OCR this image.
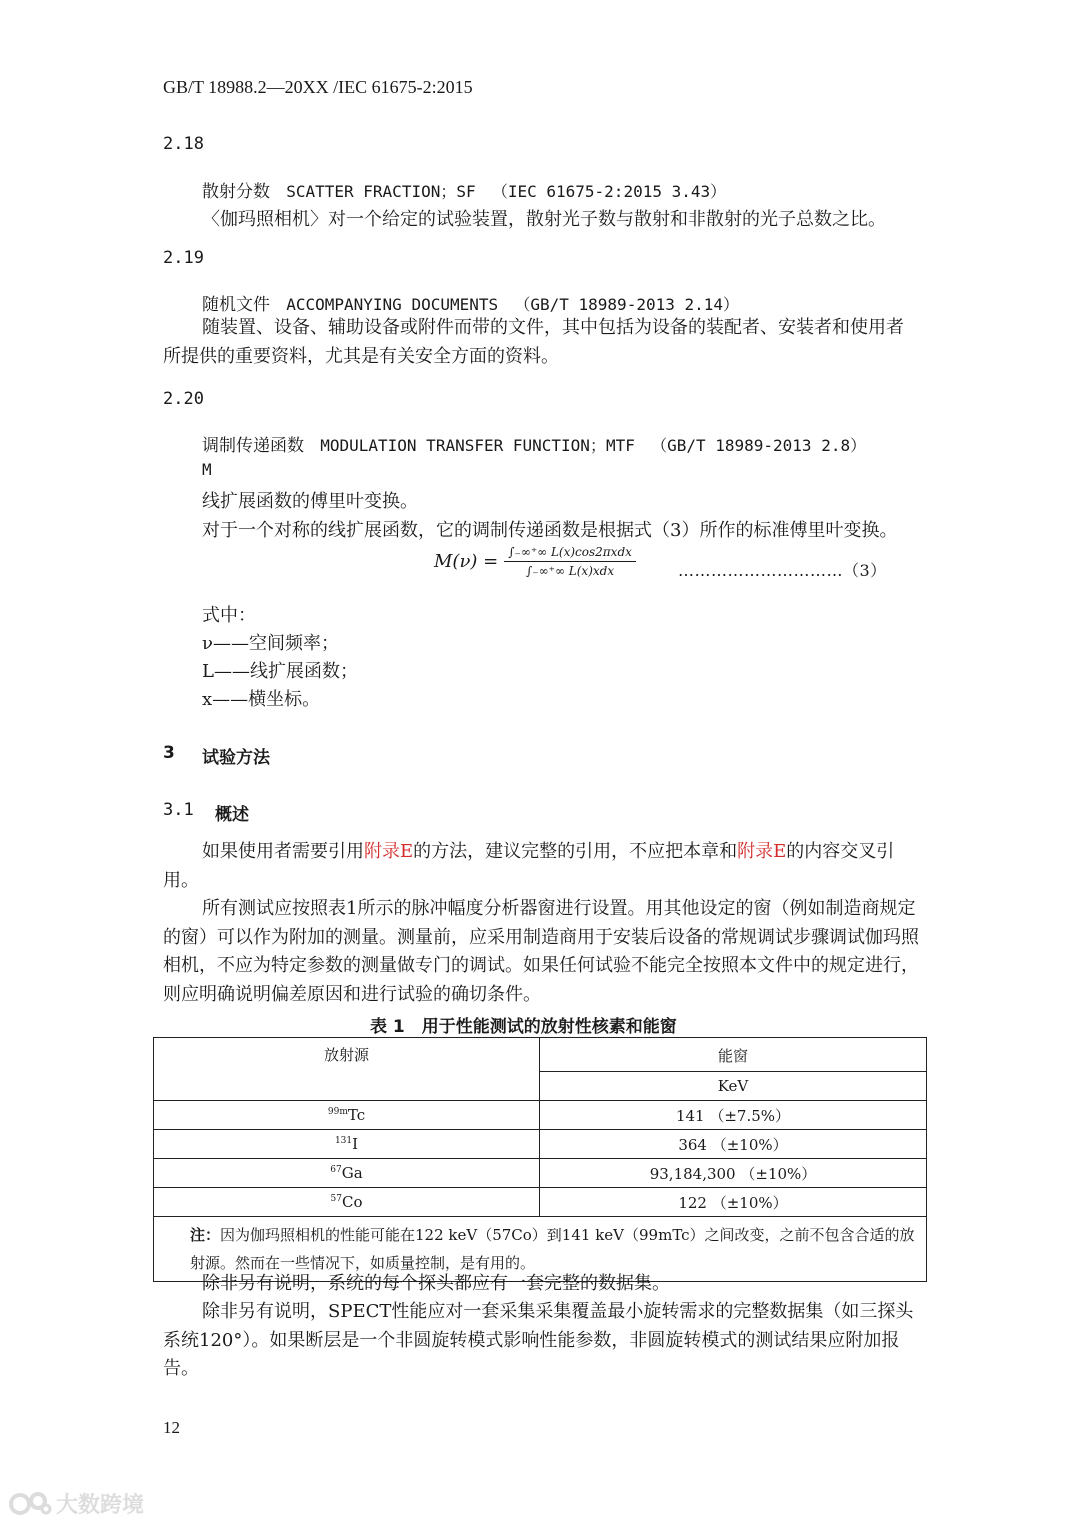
GB/T 18988.2—20XX /IEC 61675-2:2015
2.18
散射分数 SCATTER FRACTION；SF （IEC 61675-2:2015 3.43）
〈伽玛照相机〉对一个给定的试验装置，散射光子数与散射和非散射的光子总数之比。
2.19
随机文件 ACCOMPANYING DOCUMENTS （GB/T 18989-2013 2.14）
随装置、设备、辅助设备或附件而带的文件，其中包括为设备的装配者、安装者和使用者所提供的重要资料，尤其是有关安全方面的资料。
2.20
调制传递函数 MODULATION TRANSFER FUNCTION；MTF （GB/T 18989-2013 2.8）
M
线扩展函数的傅里叶变换。
对于一个对称的线扩展函数，它的调制传递函数是根据式（3）所作的标准傅里叶变换。
$M(\nu) = \frac{\text{∫₋∞⁺∞ L(x)cos2πxdx}}{\text{∫₋∞⁺∞ L(x)xdx}}$	…………………………（3）
式中：
ν——空间频率；
L——线扩展函数；
x——横坐标。
3 试验方法
3.1 概述
如果使用者需要引用附录E的方法，建议完整的引用，不应把本章和附录E的内容交叉引用。
所有测试应按照表1所示的脉冲幅度分析器窗进行设置。用其他设定的窗（例如制造商规定的窗）可以作为附加的测量。测量前，应采用制造商用于安装后设备的常规调试步骤调试伽玛照相机，不应为特定参数的测量做专门的调试。如果任何试验不能完全按照本文件中的规定进行，则应明确说明偏差原因和进行试验的确切条件。
表 1　用于性能测试的放射性核素和能窗
放射源	能窗
	KeV
$^{99m}$Tc	141 （±7.5%）
$^{131}$I	364 （±10%）
$^{67}$Ga	93,184,300 （±10%）
$^{57}$Co	122 （±10%）
注：因为伽玛照相机的性能可能在122 keV（57Co）到141 keV（99mTc）之间改变，之前不包含合适的放射源。然而在一些情况下，如质量控制，是有用的。	
除非另有说明，系统的每个探头都应有一套完整的数据集。
除非另有说明，SPECT性能应对一套采集采集覆盖最小旋转需求的完整数据集（如三探头系统120°）。如果断层是一个非圆旋转模式影响性能参数，非圆旋转模式的测试结果应附加报告。
12
大数跨境
